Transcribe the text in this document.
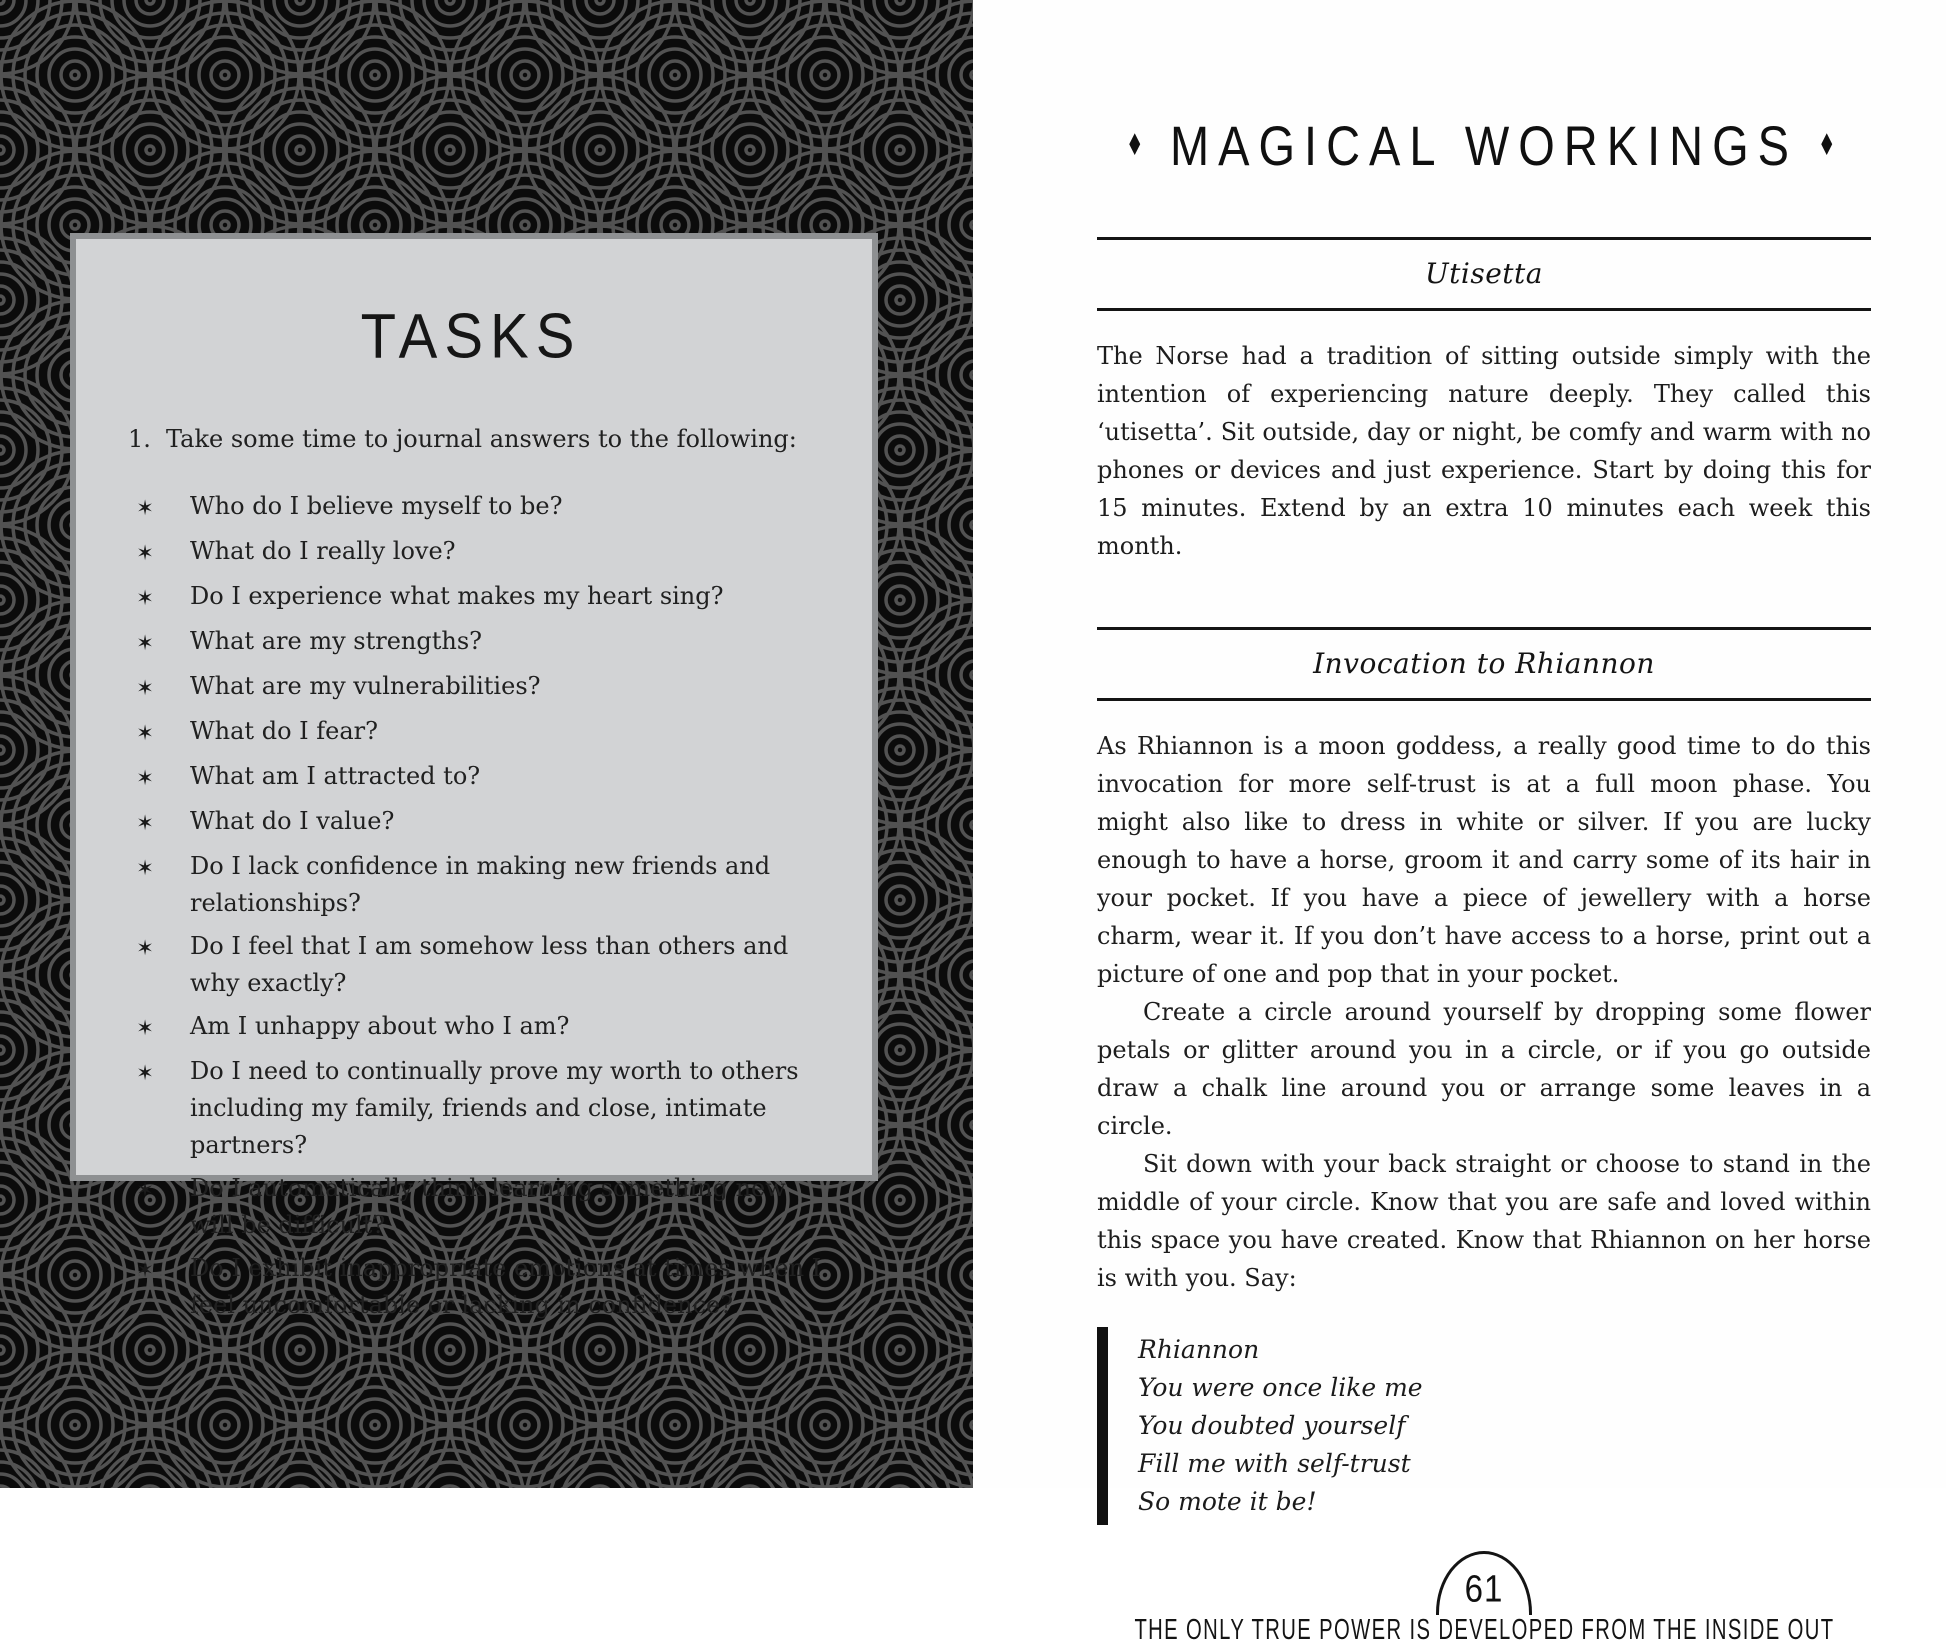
TASKS
1. Take some time to journal answers to the following:
✶	Who do I believe myself to be?
✶	What do I really love?
✶	Do I experience what makes my heart sing?
✶	What are my strengths?
✶	What are my vulnerabilities?
✶	What do I fear?
✶	What am I attracted to?
✶	What do I value?
✶	Do I lack confidence in making new friends and relationships?
✶	Do I feel that I am somehow less than others and why exactly?
✶	Am I unhappy about who I am?
✶	Do I need to continually prove my worth to others including my family, friends and close, intimate partners?
✶	Do I automatically think learning something new will be difficult?
✶	Do I exhibit inappropriate emotions at times when I feel uncomfortable or lacking in confidence?
♦ MAGICAL WORKINGS ♦
Utisetta

The Norse had a tradition of sitting outside simply with the intention of experiencing nature deeply. They called this ‘utisetta’. Sit outside, day or night, be comfy and warm with no phones or devices and just experience. Start by doing this for 15 minutes. Extend by an extra 10 minutes each week this month.

Invocation to Rhiannon

As Rhiannon is a moon goddess, a really good time to do this invocation for more self-trust is at a full moon phase. You might also like to dress in white or silver. If you are lucky enough to have a horse, groom it and carry some of its hair in your pocket. If you have a piece of jewellery with a horse charm, wear it. If you don’t have access to a horse, print out a picture of one and pop that in your pocket.

Create a circle around yourself by dropping some flower petals or glitter around you in a circle, or if you go outside draw a chalk line around you or arrange some leaves in a circle.

Sit down with your back straight or choose to stand in the middle of your circle. Know that you are safe and loved within this space you have created. Know that Rhiannon on her horse is with you. Say:

Rhiannon

You were once like me

You doubted yourself

Fill me with self-trust

So mote it be!

61
THE ONLY TRUE POWER IS DEVELOPED FROM THE INSIDE OUT
